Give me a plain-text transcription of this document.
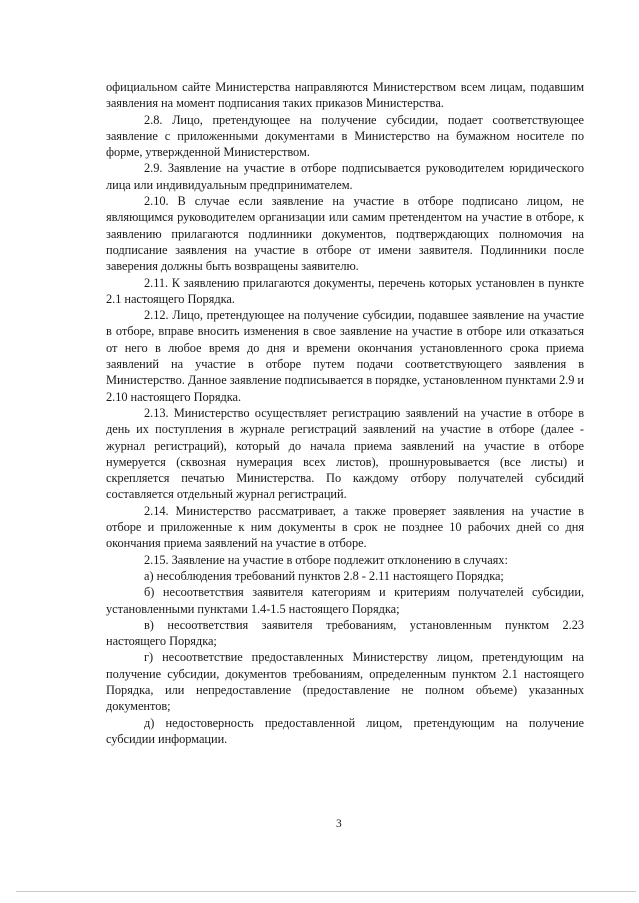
официальном сайте Министерства направляются Министерством всем лицам, подавшим заявления на момент подписания таких приказов Министерства.

2.8. Лицо, претендующее на получение субсидии, подает соответствующее заявление с приложенными документами в Министерство на бумажном носителе по форме, утвержденной Министерством.

2.9. Заявление на участие в отборе подписывается руководителем юридического лица или индивидуальным предпринимателем.

2.10. В случае если заявление на участие в отборе подписано лицом, не являющимся руководителем организации или самим претендентом на участие в отборе, к заявлению прилагаются подлинники документов, подтверждающих полномочия на подписание заявления на участие в отборе от имени заявителя. Подлинники после заверения должны быть возвращены заявителю.

2.11. К заявлению прилагаются документы, перечень которых установлен в пункте 2.1 настоящего Порядка.

2.12. Лицо, претендующее на получение субсидии, подавшее заявление на участие в отборе, вправе вносить изменения в свое заявление на участие в отборе или отказаться от него в любое время до дня и времени окончания установленного срока приема заявлений на участие в отборе путем подачи соответствующего заявления в Министерство. Данное заявление подписывается в порядке, установленном пунктами 2.9 и 2.10 настоящего Порядка.

2.13. Министерство осуществляет регистрацию заявлений на участие в отборе в день их поступления в журнале регистраций заявлений на участие в отборе (далее - журнал регистраций), который до начала приема заявлений на участие в отборе нумеруется (сквозная нумерация всех листов), прошнуровывается (все листы) и скрепляется печатью Министерства. По каждому отбору получателей субсидий составляется отдельный журнал регистраций.

2.14. Министерство рассматривает, а также проверяет заявления на участие в отборе и приложенные к ним документы в срок не позднее 10 рабочих дней со дня окончания приема заявлений на участие в отборе.

2.15. Заявление на участие в отборе подлежит отклонению в случаях:

а) несоблюдения требований пунктов 2.8 - 2.11 настоящего Порядка;

б) несоответствия заявителя категориям и критериям получателей субсидии, установленными пунктами 1.4-1.5 настоящего Порядка;

в) несоответствия заявителя требованиям, установленным пунктом 2.23 настоящего Порядка;

г) несоответствие предоставленных Министерству лицом, претендующим на получение субсидии, документов требованиям, определенным пунктом 2.1 настоящего Порядка, или непредоставление (предоставление не полном объеме) указанных документов;

д) недостоверность предоставленной лицом, претендующим на получение субсидии информации.

3
